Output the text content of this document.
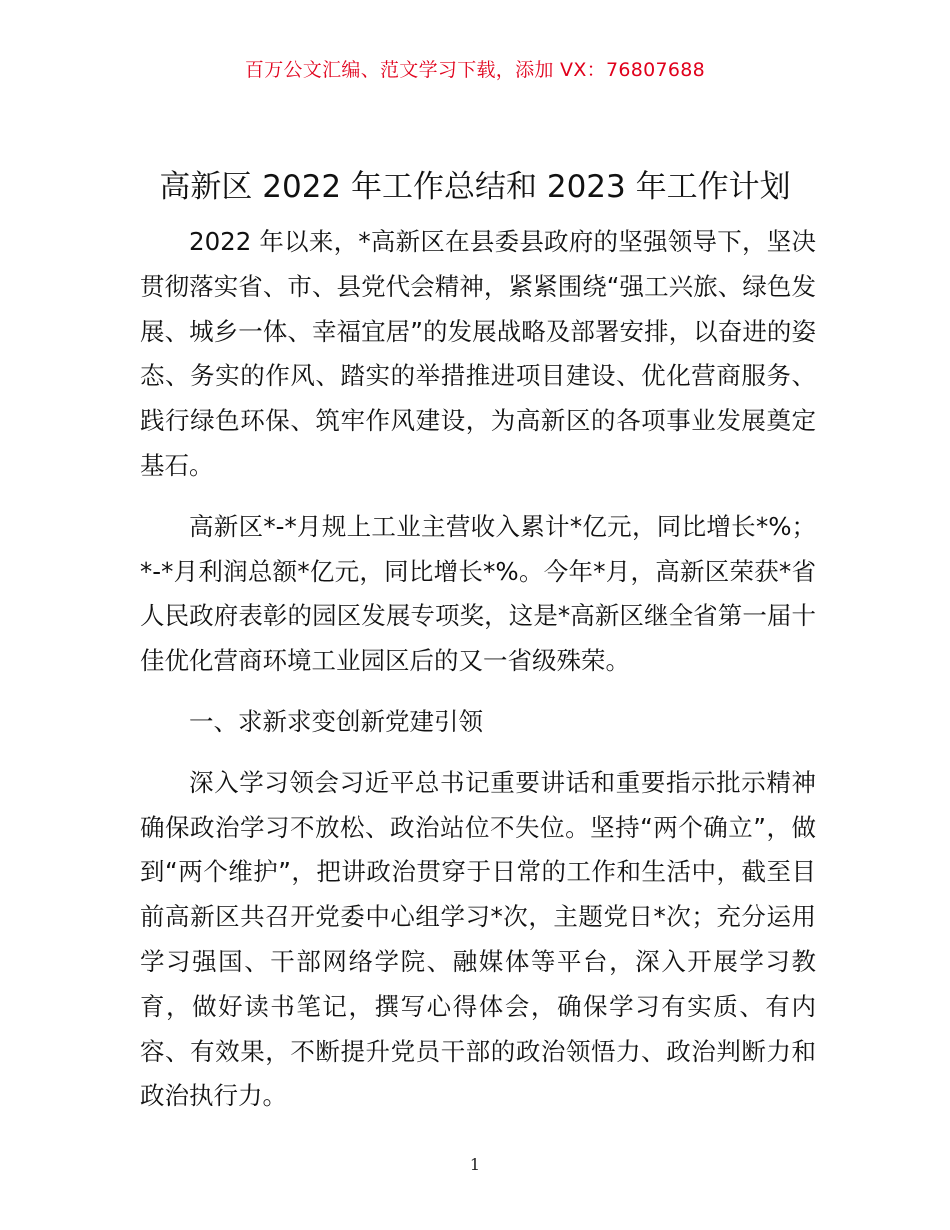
百万公文汇编、范文学习下载，添加 VX：76807688
高新区 2022 年工作总结和 2023 年工作计划

2022 年以来，*高新区在县委县政府的坚强领导下，坚决贯彻落实省、市、县党代会精神，紧紧围绕“强工兴旅、绿色发展、城乡一体、幸福宜居”的发展战略及部署安排，以奋进的姿态、务实的作风、踏实的举措推进项目建设、优化营商服务、践行绿色环保、筑牢作风建设，为高新区的各项事业发展奠定基石。

高新区*-*月规上工业主营收入累计*亿元，同比增长*%；*-*月利润总额*亿元，同比增长*%。今年*月，高新区荣获*省人民政府表彰的园区发展专项奖，这是*高新区继全省第一届十佳优化营商环境工业园区后的又一省级殊荣。

一、求新求变创新党建引领

深入学习领会习近平总书记重要讲话和重要指示批示精神确保政治学习不放松、政治站位不失位。坚持“两个确立”，做到“两个维护”，把讲政治贯穿于日常的工作和生活中，截至目前高新区共召开党委中心组学习*次，主题党日*次；充分运用学习强国、干部网络学院、融媒体等平台，深入开展学习教育，做好读书笔记，撰写心得体会，确保学习有实质、有内容、有效果，不断提升党员干部的政治领悟力、政治判断力和政治执行力。

1
